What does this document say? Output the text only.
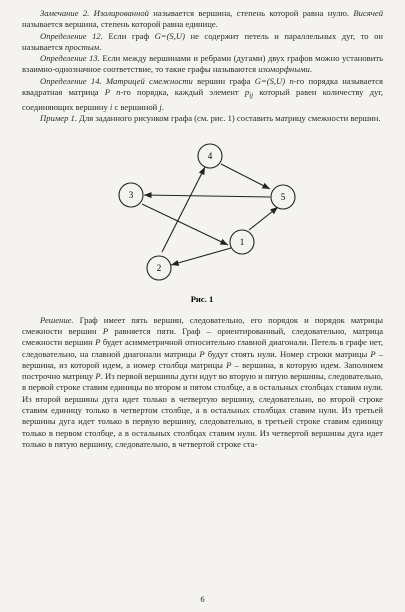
Замечание 2. Изолированной называется вершина, степень которой равна нулю. Висячей называется вершина, степень которой равна единице.

Определение 12. Если граф G=(S,U) не содержит петель и параллельных дуг, то он называется простым.

Определение 13. Если между вершинами и ребрами (дугами) двух графов можно установить взаимно-однозначное соответствие, то такие графы называются изоморфными.

Определение 14. Матрицей смежности вершин графа G=(S,U) n-го порядка называется квадратная матрица P n-го порядка, каждый элемент $p_{ij}$ который равен количеству дуг, соединяющих вершину i с вершиной j.

Пример 1. Для заданного рисунком графа (см. рис. 1) составить матрицу смежности вершин.

4
3	5
2
1
Рис. 1

Решение. Граф имеет пять вершин, следовательно, его порядок и порядок матрицы смежности вершин P равняется пяти. Граф – ориентированный, следовательно, матрица смежности вершин P будет асимметричной относительно главной диагонали. Петель в графе нет, следовательно, на главной диагонали матрицы P будут стоять нули. Номер строки матрицы P – вершина, из которой идем, а номер столбца матрицы P – вершина, в которую идем. Заполняем построчно матрицу P. Из первой вершины дуги идут во вторую и пятую вершины, следовательно, в первой строке ставим единицы во втором и пятом столбце, а в остальных столбцах ставим нули. Из второй вершины дуга идет только в четвертую вершину, следовательно, во второй строке ставим единицу только в четвертом столбце, а в остальных столбцах ставим нули. Из третьей вершины дуга идет только в первую вершину, следовательно, в третьей строке ставим единицу только в первом столбце, а в остальных столбцах ставим нули. Из четвертой вершины дуга идет только в пятую вершину, следовательно, в четвертой строке ста-

6
